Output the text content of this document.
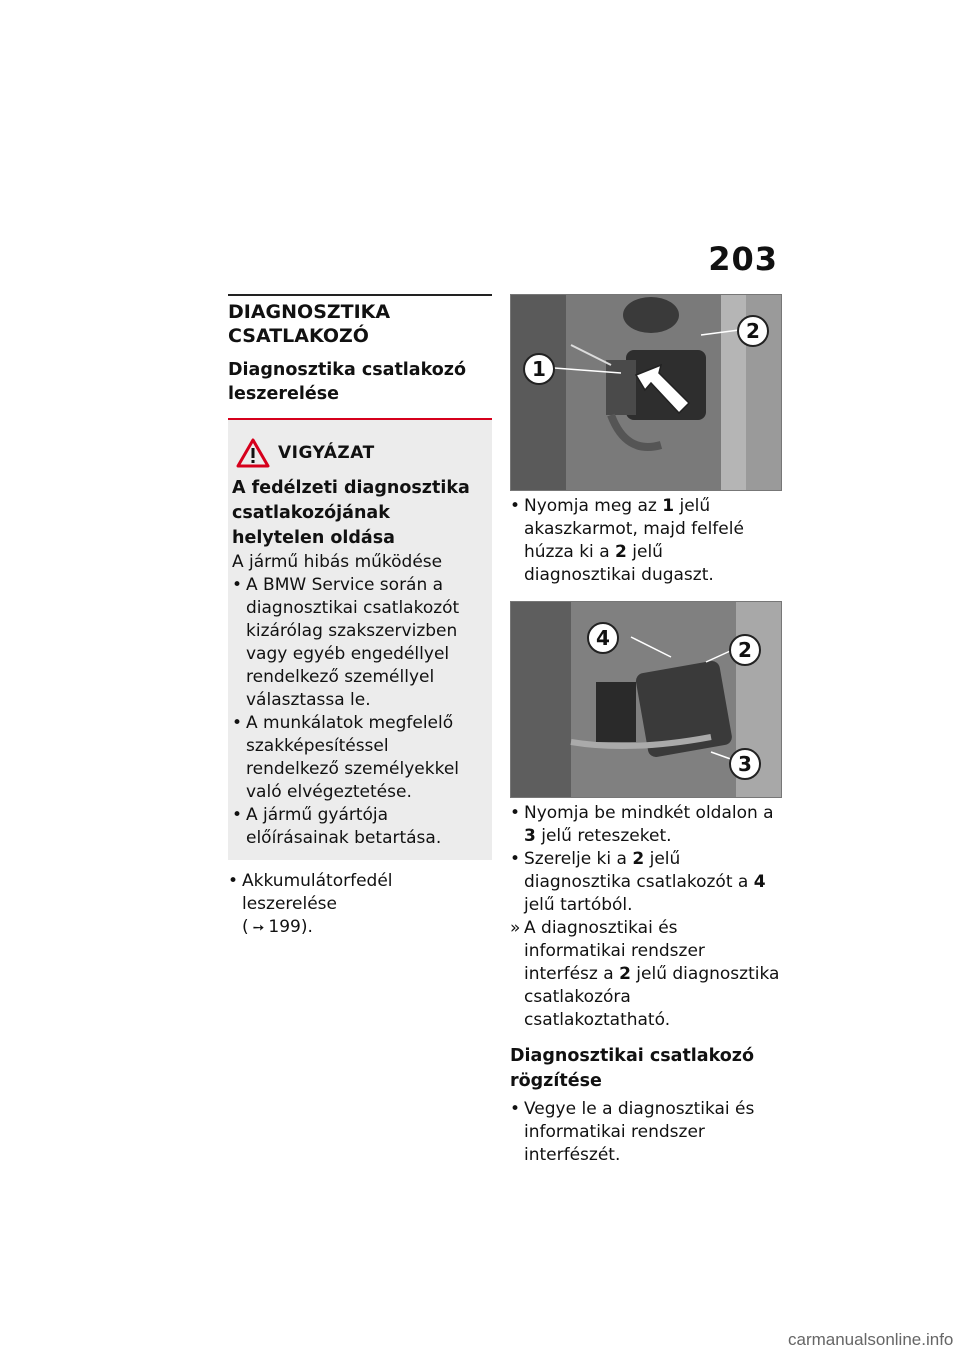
203
DIAGNOSZTIKA CSATLAKOZÓ
Diagnosztika csatlakozó
leszerelése
VIGYÁZAT
A fedélzeti diagnosztika csatlakozójának helytelen oldása
A jármű hibás működése
• A BMW Service során a diagnosztikai csatlakozót kizárólag szakszervizben vagy egyéb engedéllyel rendelkező személlyel választassa le.
• A munkálatok megfelelő szakképesítéssel rendelkező személyekkel való elvégeztetése.
• A jármű gyártója előírásainak betartása.
• Akkumulátorfedél leszerelése
( ➙ 199).
1
2
• Nyomja meg az 1 jelű akaszkarmot, majd felfelé húzza ki a 2 jelű diagnosztikai dugaszt.
4	2
3
• Nyomja be mindkét oldalon a 3 jelű reteszeket.
• Szerelje ki a 2 jelű diagnosztika csatlakozót a 4 jelű tartóból.
» A diagnosztikai és informatikai rendszer interfész a 2 jelű diagnosztika csatlakozóra csatlakoztatható.
Diagnosztikai csatlakozó rögzítése
• Vegye le a diagnosztikai és informatikai rendszer interfészét.
carmanualsonline.info
